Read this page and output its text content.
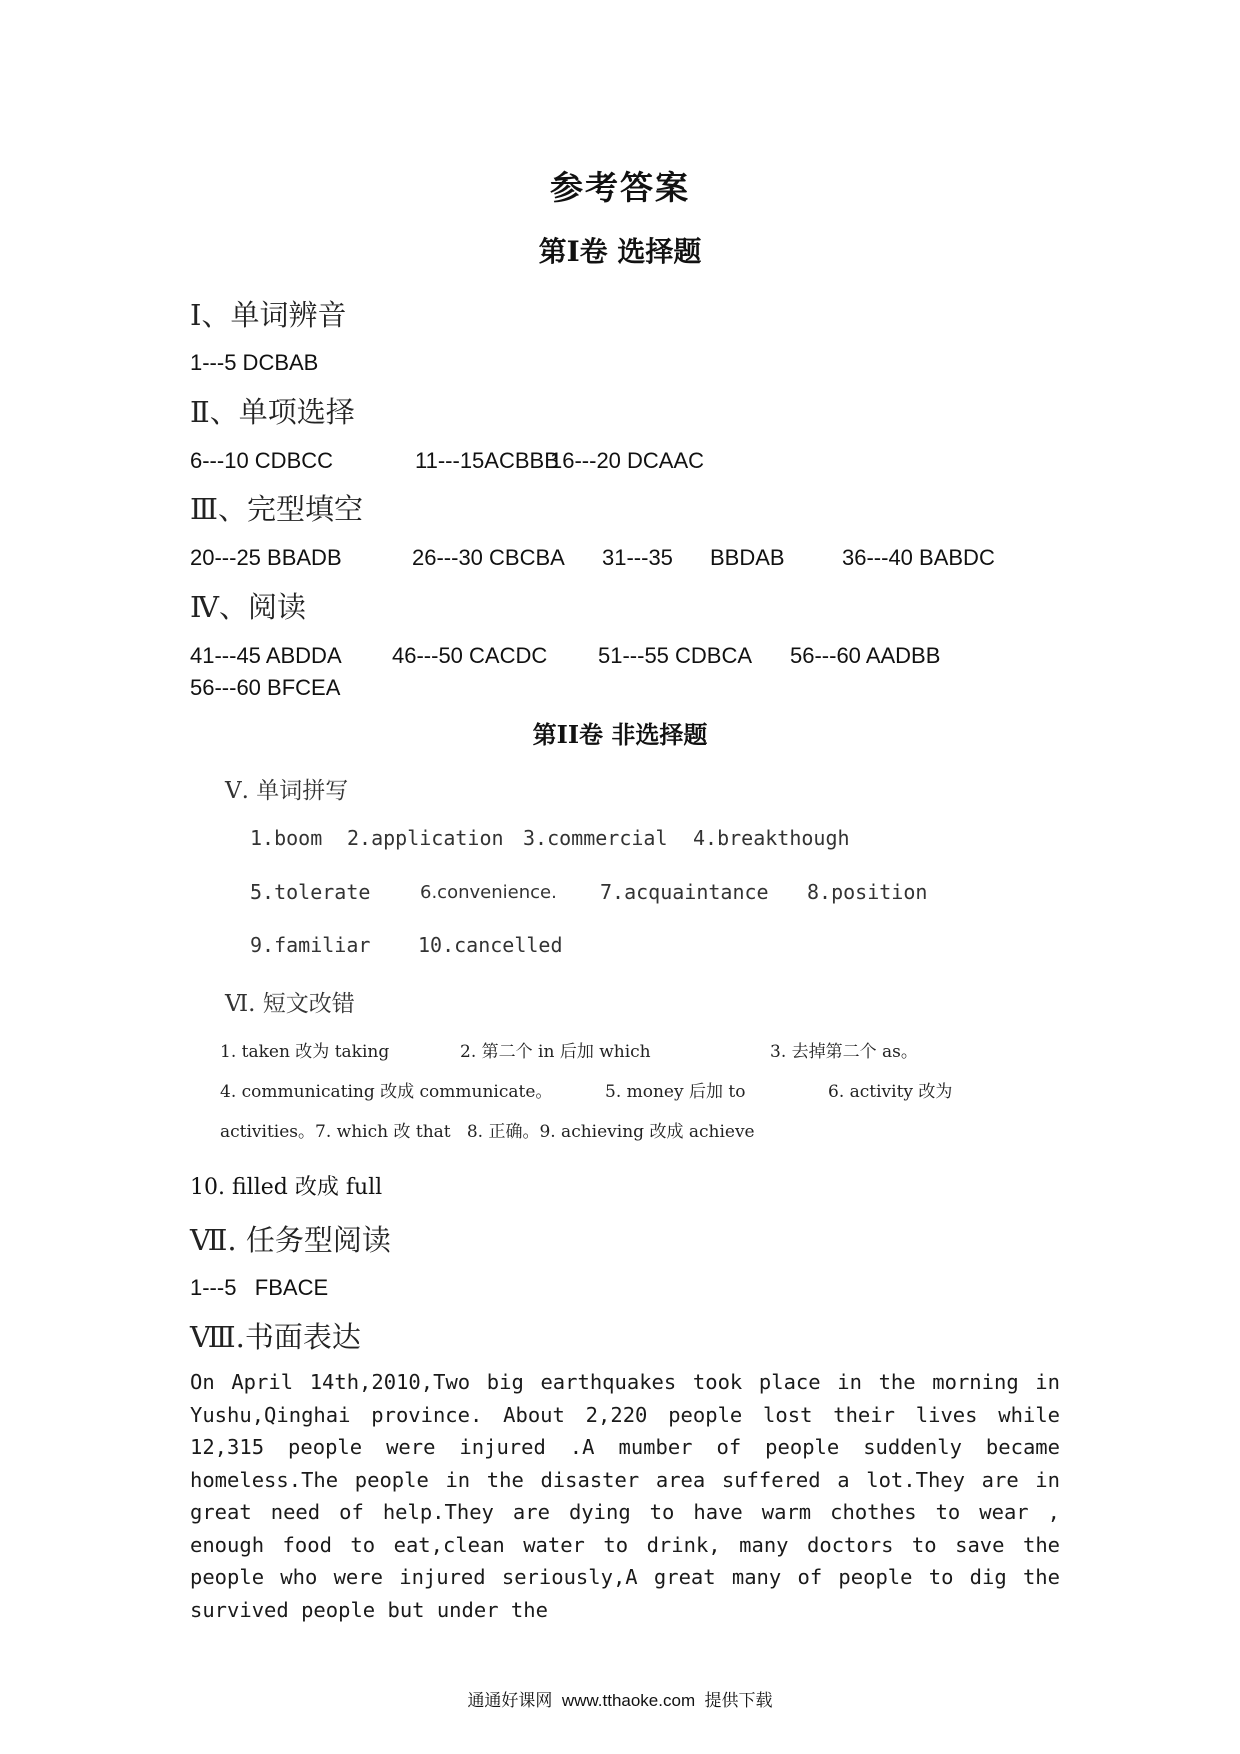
参考答案
第Ⅰ卷 选择题
Ⅰ、单词辨音
1---5 DCBAB
Ⅱ、单项选择

6---10 CDBCC

	11---15ACBBB

16---20 DCAAC

Ⅲ、完型填空

20---25 BBADB

	26---30 CBCBA

31---35

BBDAB

	36---40 BABDC

Ⅳ、阅读

41---45 ABDDA

46---50 CACDC

51---55 CDBCA

56---60 AADBB

56---60 BFCEA
第II卷 非选择题
Ⅴ. 单词拼写

1.boom

2.application

3.commercial

4.breakthough

5.tolerate

	6.convenience.

7.acquaintance

8.position

9.familiar

10.cancelled

Ⅵ. 短文改错

1. taken 改为 taking

	2. 第二个 in 后加 which

	3. 去掉第二个 as。

4. communicating 改成 communicate。

	5. money 后加 to

	6. activity 改为

activities。7. which 改 that   8. 正确。9. achieving 改成 achieve
10. filled 改成 full
Ⅶ. 任务型阅读
1---5   FBACE
Ⅷ.书面表达

On April 14th,2010,Two big earthquakes took place in the morning in Yushu,Qinghai province. About 2,220 people lost their lives while 12,315 people were injured .A mumber of people suddenly became homeless.The people in the disaster area suffered a lot.They are in great need of help.They are dying to have warm chothes to wear , enough food to eat,clean water to drink, many doctors to save the people who were injured seriously,A great many of people to dig the survived people but under the

通通好课网  www.tthaoke.com  提供下载
